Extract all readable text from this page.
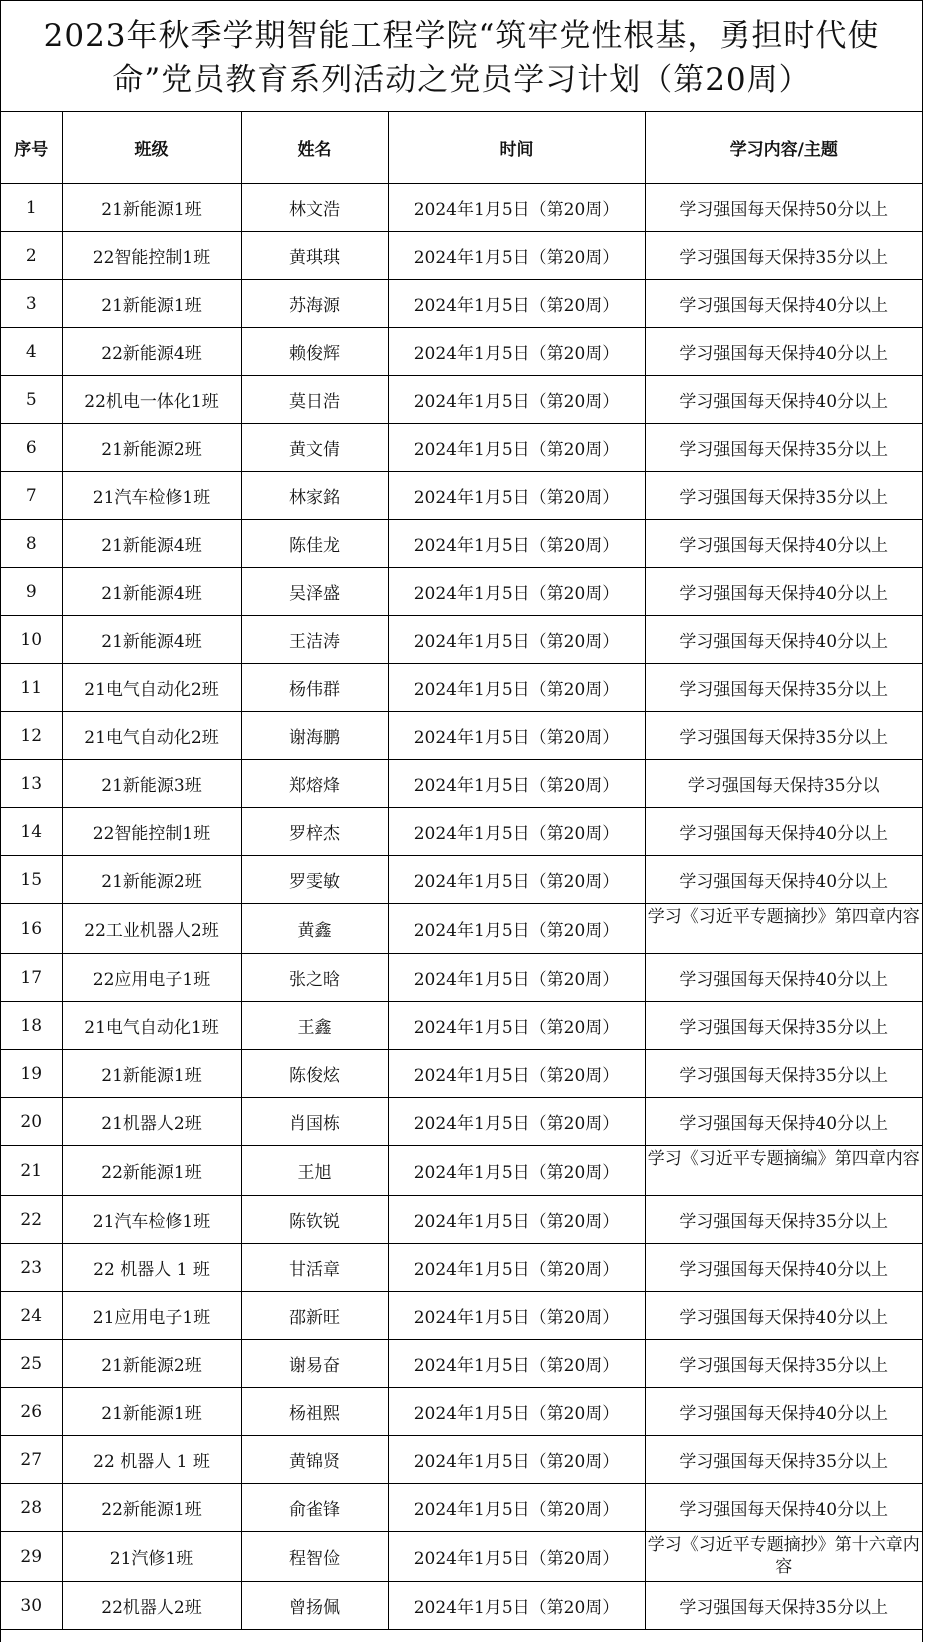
2023年秋季学期智能工程学院“筑牢党性根基，勇担时代使命”党员教育系列活动之党员学习计划（第20周）
序号	班级	姓名	时间	学习内容/主题
1	21新能源1班	林文浩	2024年1月5日（第20周）	学习强国每天保持50分以上
2	22智能控制1班	黄琪琪	2024年1月5日（第20周）	学习强国每天保持35分以上
3	21新能源1班	苏海源	2024年1月5日（第20周）	学习强国每天保持40分以上
4	22新能源4班	赖俊辉	2024年1月5日（第20周）	学习强国每天保持40分以上
5	22机电一体化1班	莫日浩	2024年1月5日（第20周）	学习强国每天保持40分以上
6	21新能源2班	黄文倩	2024年1月5日（第20周）	学习强国每天保持35分以上
7	21汽车检修1班	林家銘	2024年1月5日（第20周）	学习强国每天保持35分以上
8	21新能源4班	陈佳龙	2024年1月5日（第20周）	学习强国每天保持40分以上
9	21新能源4班	吴泽盛	2024年1月5日（第20周）	学习强国每天保持40分以上
10	21新能源4班	王洁涛	2024年1月5日（第20周）	学习强国每天保持40分以上
11	21电气自动化2班	杨伟群	2024年1月5日（第20周）	学习强国每天保持35分以上
12	21电气自动化2班	谢海鹏	2024年1月5日（第20周）	学习强国每天保持35分以上
13	21新能源3班	郑熔烽	2024年1月5日（第20周）	学习强国每天保持35分以
14	22智能控制1班	罗梓杰	2024年1月5日（第20周）	学习强国每天保持40分以上
15	21新能源2班	罗雯敏	2024年1月5日（第20周）	学习强国每天保持40分以上
16	22工业机器人2班	黄鑫	2024年1月5日（第20周）	学习《习近平专题摘抄》第四章内容

17	22应用电子1班	张之晗	2024年1月5日（第20周）	学习强国每天保持40分以上
18	21电气自动化1班	王鑫	2024年1月5日（第20周）	学习强国每天保持35分以上
19	21新能源1班	陈俊炫	2024年1月5日（第20周）	学习强国每天保持35分以上
20	21机器人2班	肖国栋	2024年1月5日（第20周）	学习强国每天保持40分以上
21	22新能源1班	王旭	2024年1月5日（第20周）	学习《习近平专题摘编》第四章内容

22	21汽车检修1班	陈钦锐	2024年1月5日（第20周）	学习强国每天保持35分以上
23	22 机器人 1 班	甘活章	2024年1月5日（第20周）	学习强国每天保持40分以上
24	21应用电子1班	邵新旺	2024年1月5日（第20周）	学习强国每天保持40分以上
25	21新能源2班	谢易奋	2024年1月5日（第20周）	学习强国每天保持35分以上
26	21新能源1班	杨祖熙	2024年1月5日（第20周）	学习强国每天保持40分以上
27	22 机器人 1 班	黄锦贤	2024年1月5日（第20周）	学习强国每天保持35分以上
28	22新能源1班	俞雀锋	2024年1月5日（第20周）	学习强国每天保持40分以上
29	21汽修1班	程智俭	2024年1月5日（第20周）	学习《习近平专题摘抄》第十六章内容

30	22机器人2班	曾扬佩	2024年1月5日（第20周）	学习强国每天保持35分以上
